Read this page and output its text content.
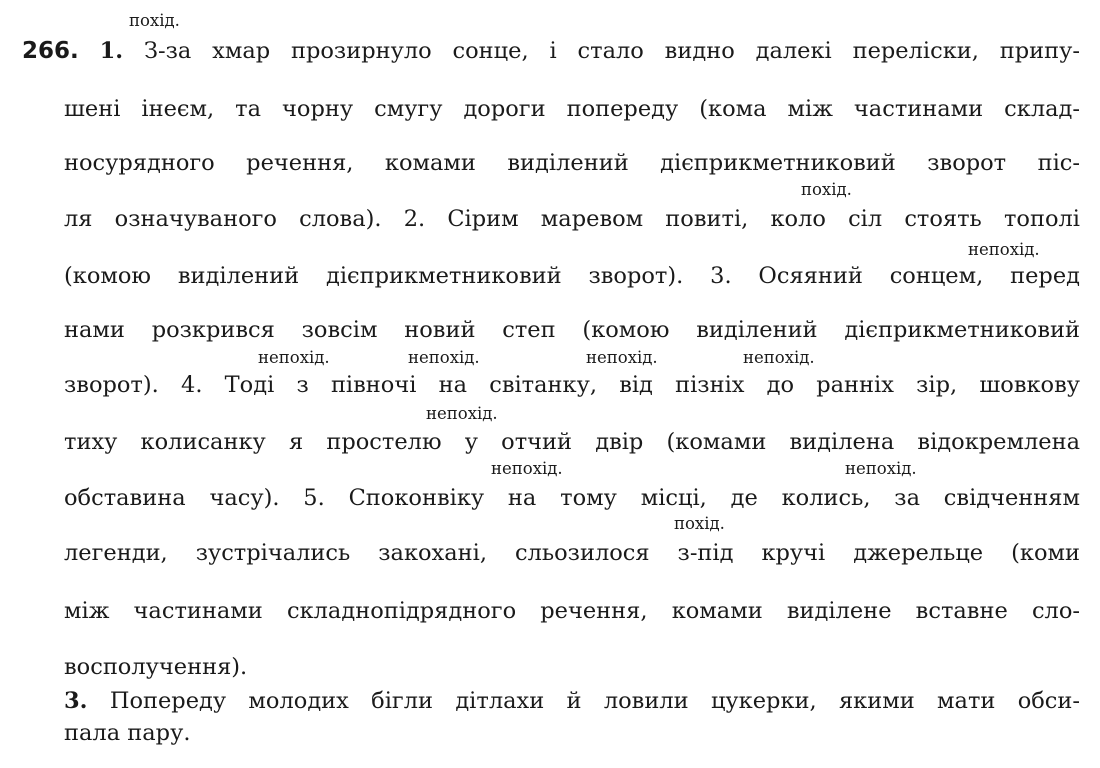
похід.
похід.
непохід.
непохід.	непохід.	непохід.	непохід.
непохід.
непохід.	непохід.
похід.
266. 1. З-за хмар прозирнуло сонце, і стало видно далекі переліски, припу-
шені інеєм, та чорну смугу дороги попереду (кома між частинами склад-
носурядного речення, комами виділений дієприкметниковий зворот піс-
ля означуваного слова). 2. Сірим маревом повиті, коло сіл стоять тополі
(комою виділений дієприкметниковий зворот). 3. Осяяний сонцем, перед
нами розкрився зовсім новий степ (комою виділений дієприкметниковий
зворот). 4. Тоді з півночі на світанку, від пізніх до ранніх зір, шовкову
тиху колисанку я простелю у отчий двір (комами виділена відокремлена
обставина часу). 5. Споконвіку на тому місці, де колись, за свідченням
легенди, зустрічались закохані, сльозилося з-під кручі джерельце (коми
між частинами складнопідрядного речення, комами виділене вставне сло-
восполучення).
3. Попереду молодих бігли дітлахи й ловили цукерки, якими мати обси-
пала пару.
